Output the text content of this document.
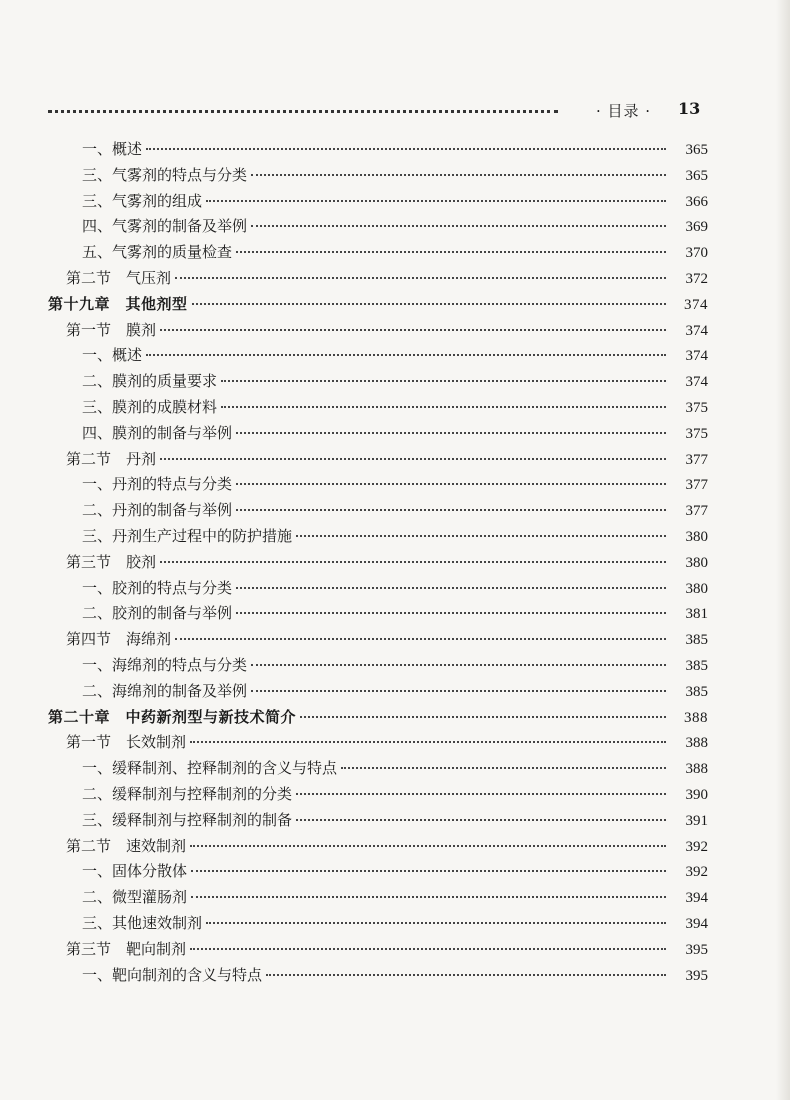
· 目录 · 13
一、概述	365
三、气雾剂的特点与分类	365
三、气雾剂的组成	366
四、气雾剂的制备及举例	369
五、气雾剂的质量检查	370
第二节　气压剂	372
第十九章　其他剂型	374
第一节　膜剂	374
一、概述	374
二、膜剂的质量要求	374
三、膜剂的成膜材料	375
四、膜剂的制备与举例	375
第二节　丹剂	377
一、丹剂的特点与分类	377
二、丹剂的制备与举例	377
三、丹剂生产过程中的防护措施	380
第三节　胶剂	380
一、胶剂的特点与分类	380
二、胶剂的制备与举例	381
第四节　海绵剂	385
一、海绵剂的特点与分类	385
二、海绵剂的制备及举例	385
第二十章　中药新剂型与新技术简介	388
第一节　长效制剂	388
一、缓释制剂、控释制剂的含义与特点	388
二、缓释制剂与控释制剂的分类	390
三、缓释制剂与控释制剂的制备	391
第二节　速效制剂	392
一、固体分散体	392
二、微型灌肠剂	394
三、其他速效制剂	394
第三节　靶向制剂	395
一、靶向制剂的含义与特点	395
